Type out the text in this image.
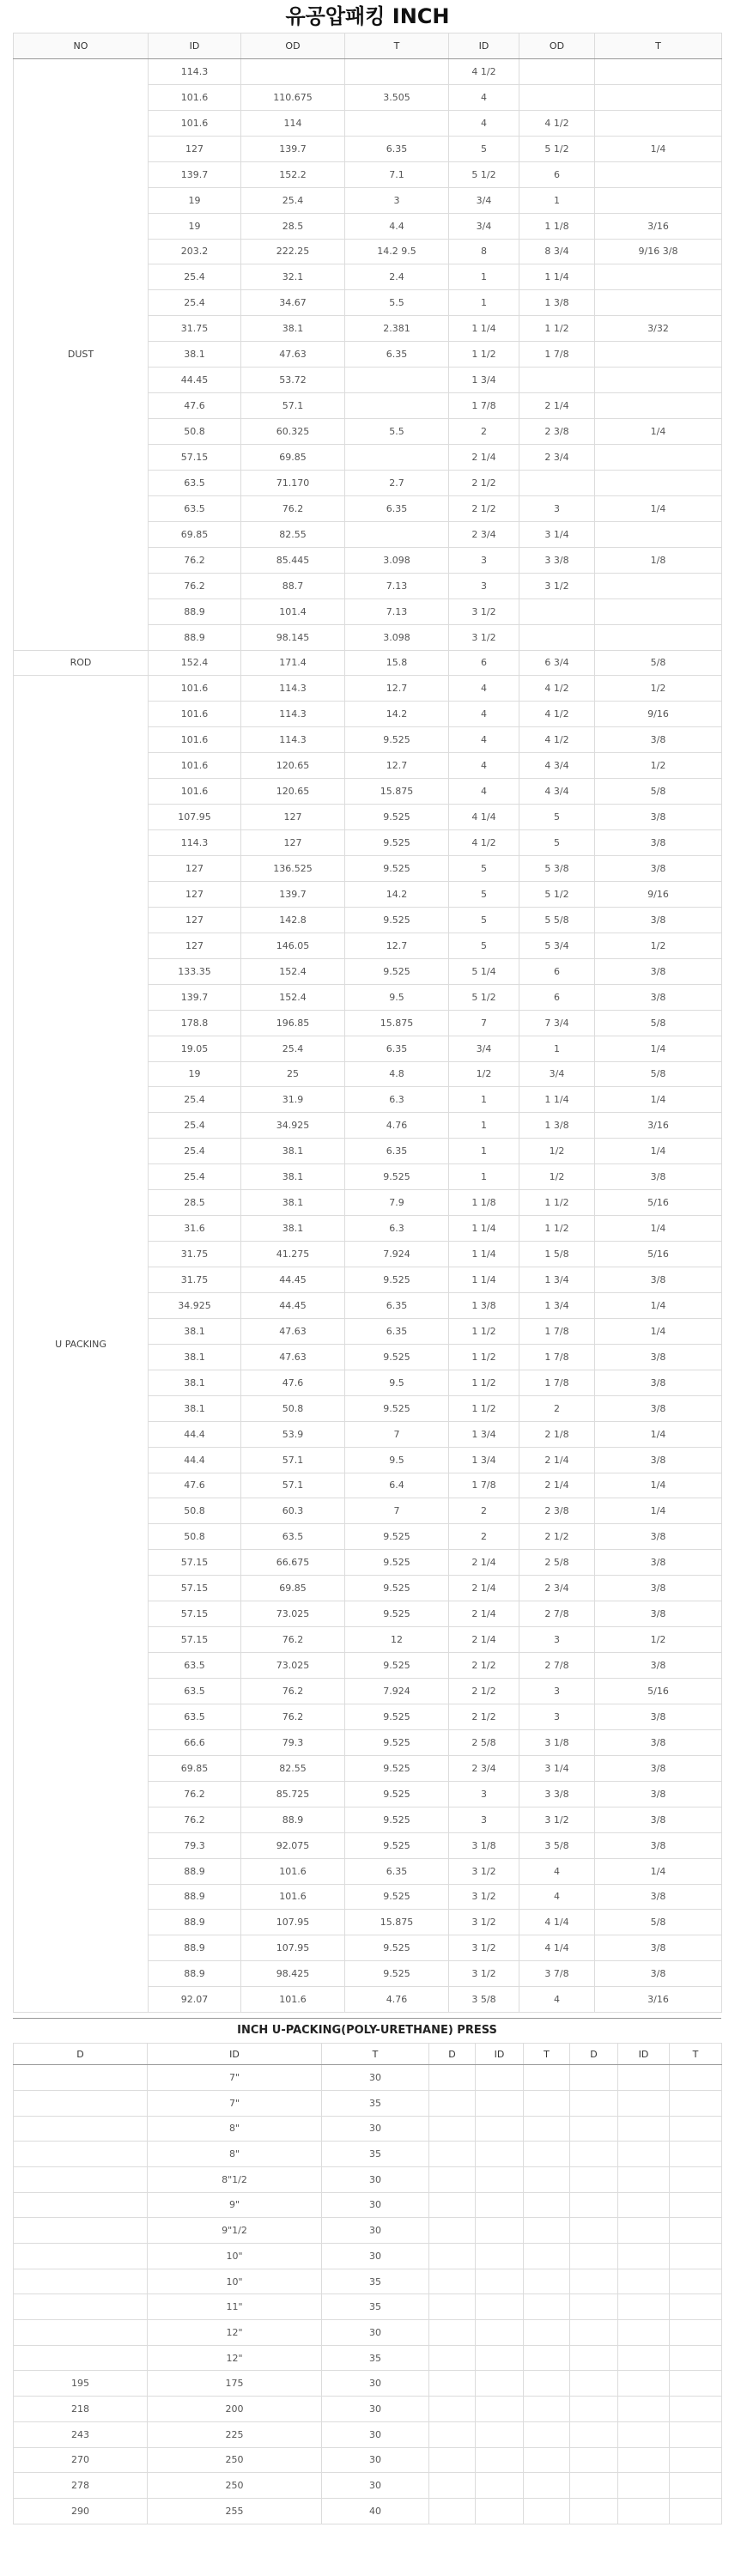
유공압패킹 INCH
NO	ID	OD	T	ID	OD	T
DUST	114.3			4 1/2		
	101.6	110.675	3.505	4		
	101.6	114		4	4 1/2	
	127	139.7	6.35	5	5 1/2	1/4
	139.7	152.2	7.1	5 1/2	6	
	19	25.4	3	3/4	1	
	19	28.5	4.4	3/4	1 1/8	3/16
	203.2	222.25	14.2 9.5	8	8 3/4	9/16 3/8
	25.4	32.1	2.4	1	1 1/4	
	25.4	34.67	5.5	1	1 3/8	
	31.75	38.1	2.381	1 1/4	1 1/2	3/32
	38.1	47.63	6.35	1 1/2	1 7/8	
	44.45	53.72		1 3/4		
	47.6	57.1		1 7/8	2 1/4	
	50.8	60.325	5.5	2	2 3/8	1/4
	57.15	69.85		2 1/4	2 3/4	
	63.5	71.170	2.7	2 1/2		
	63.5	76.2	6.35	2 1/2	3	1/4
	69.85	82.55		2 3/4	3 1/4	
	76.2	85.445	3.098	3	3 3/8	1/8
	76.2	88.7	7.13	3	3 1/2	
	88.9	101.4	7.13	3 1/2		
	88.9	98.145	3.098	3 1/2		
ROD	152.4	171.4	15.8	6	6 3/4	5/8
U PACKING	101.6	114.3	12.7	4	4 1/2	1/2
	101.6	114.3	14.2	4	4 1/2	9/16
	101.6	114.3	9.525	4	4 1/2	3/8
	101.6	120.65	12.7	4	4 3/4	1/2
	101.6	120.65	15.875	4	4 3/4	5/8
	107.95	127	9.525	4 1/4	5	3/8
	114.3	127	9.525	4 1/2	5	3/8
	127	136.525	9.525	5	5 3/8	3/8
	127	139.7	14.2	5	5 1/2	9/16
	127	142.8	9.525	5	5 5/8	3/8
	127	146.05	12.7	5	5 3/4	1/2
	133.35	152.4	9.525	5 1/4	6	3/8
	139.7	152.4	9.5	5 1/2	6	3/8
	178.8	196.85	15.875	7	7 3/4	5/8
	19.05	25.4	6.35	3/4	1	1/4
	19	25	4.8	1/2	3/4	5/8
	25.4	31.9	6.3	1	1 1/4	1/4
	25.4	34.925	4.76	1	1 3/8	3/16
	25.4	38.1	6.35	1	1/2	1/4
	25.4	38.1	9.525	1	1/2	3/8
	28.5	38.1	7.9	1 1/8	1 1/2	5/16
	31.6	38.1	6.3	1 1/4	1 1/2	1/4
	31.75	41.275	7.924	1 1/4	1 5/8	5/16
	31.75	44.45	9.525	1 1/4	1 3/4	3/8
	34.925	44.45	6.35	1 3/8	1 3/4	1/4
	38.1	47.63	6.35	1 1/2	1 7/8	1/4
	38.1	47.63	9.525	1 1/2	1 7/8	3/8
	38.1	47.6	9.5	1 1/2	1 7/8	3/8
	38.1	50.8	9.525	1 1/2	2	3/8
	44.4	53.9	7	1 3/4	2 1/8	1/4
	44.4	57.1	9.5	1 3/4	2 1/4	3/8
	47.6	57.1	6.4	1 7/8	2 1/4	1/4
	50.8	60.3	7	2	2 3/8	1/4
	50.8	63.5	9.525	2	2 1/2	3/8
	57.15	66.675	9.525	2 1/4	2 5/8	3/8
	57.15	69.85	9.525	2 1/4	2 3/4	3/8
	57.15	73.025	9.525	2 1/4	2 7/8	3/8
	57.15	76.2	12	2 1/4	3	1/2
	63.5	73.025	9.525	2 1/2	2 7/8	3/8
	63.5	76.2	7.924	2 1/2	3	5/16
	63.5	76.2	9.525	2 1/2	3	3/8
	66.6	79.3	9.525	2 5/8	3 1/8	3/8
	69.85	82.55	9.525	2 3/4	3 1/4	3/8
	76.2	85.725	9.525	3	3 3/8	3/8
	76.2	88.9	9.525	3	3 1/2	3/8
	79.3	92.075	9.525	3 1/8	3 5/8	3/8
	88.9	101.6	6.35	3 1/2	4	1/4
	88.9	101.6	9.525	3 1/2	4	3/8
	88.9	107.95	15.875	3 1/2	4 1/4	5/8
	88.9	107.95	9.525	3 1/2	4 1/4	3/8
	88.9	98.425	9.525	3 1/2	3 7/8	3/8
	92.07	101.6	4.76	3 5/8	4	3/16
INCH U-PACKING(POLY-URETHANE) PRESS
D	ID	T	D	ID	T	D	ID	T
	7"	30						
	7"	35						
	8"	30						
	8"	35						
	8"1/2	30						
	9"	30						
	9"1/2	30						
	10"	30						
	10"	35						
	11"	35						
	12"	30						
	12"	35						
195	175	30						
218	200	30						
243	225	30						
270	250	30						
278	250	30						
290	255	40						
